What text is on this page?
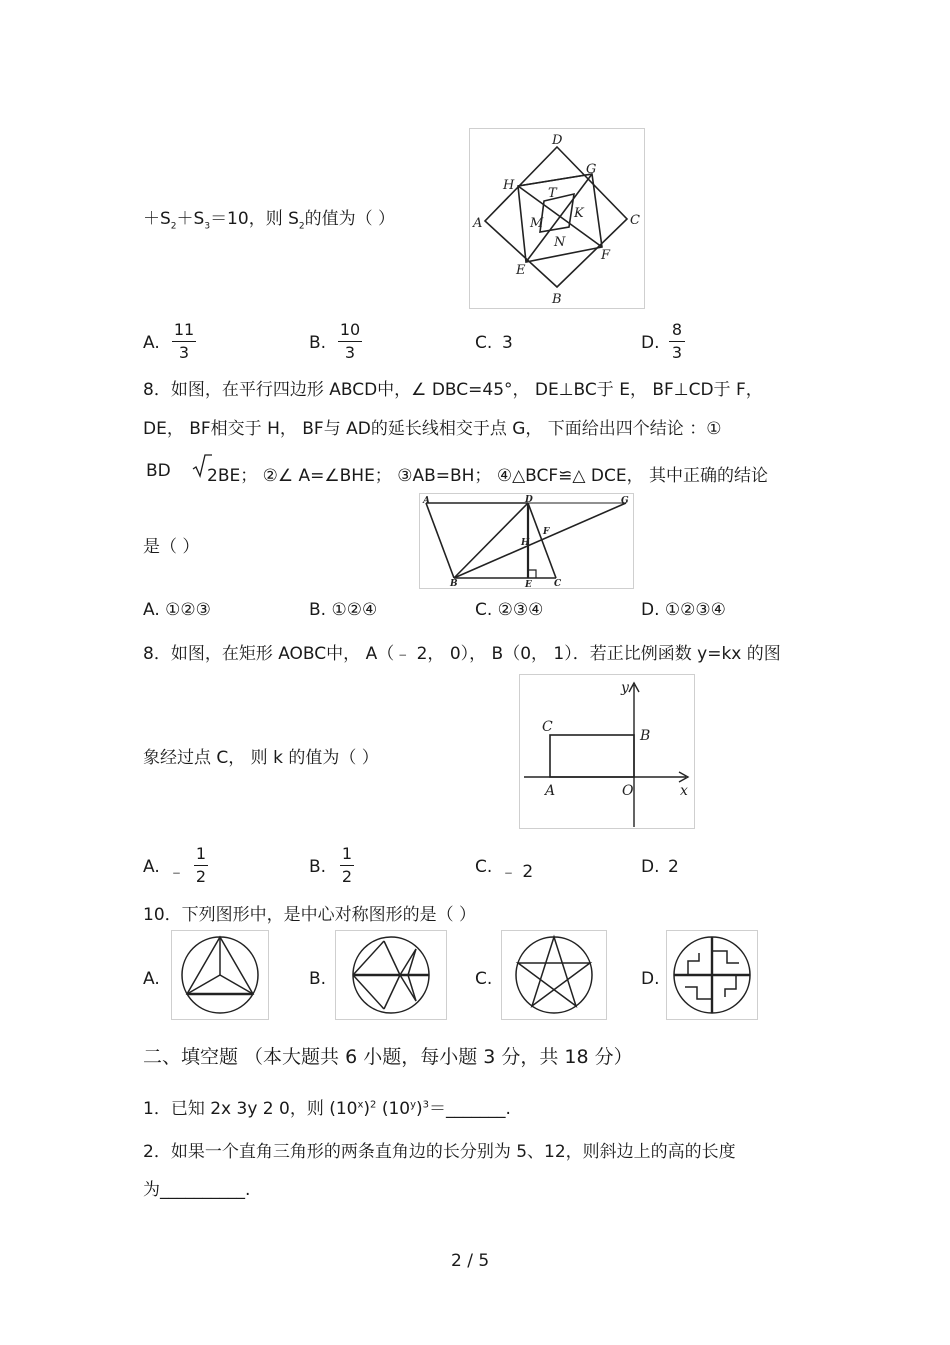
$+S_2+S_3=10$，则 $S_2$的值为（ ）
D
G
H
T
A
K	C
M
N
E
F
B
A.
11
3	B.
10
3	C. 3	D.
8
3
8．如图，在平行四边形 ABCD中，∠ DBC=45°， DE⊥BC于 E， BF⊥CD于 F，
DE， BF相交于 H， BF与 AD的延长线相交于点 G， 下面给出四个结论 ：①
BD 2BE； ②∠ A=∠BHE； ③AB=BH； ④△BCF≌△ DCE， 其中正确的结论
A	D	G
F
H
B	E C
是（ ）
A. ①②③	B. ①②④	C. ②③④	D. ①②③④
8．如图，在矩形 AOBC中， A（﹣ 2， 0）， B（0， 1）．若正比例函数 y=kx 的图
y
C
B
A	O	x
象经过点 C， 则 k 的值为（ ）
A. ﹣
1
2	B.
1
2	C. ﹣ 2	D. 2
10．下列图形中，是中心对称图形的是（ ）
A.	B.	C.	D.
二、填空题 （本大题共 6 小题，每小题 3 分，共 18 分）
1．已知 2x 3y 2 0，则 $(10^x)^2$ $(10^y)^3=\_\_\_\_\_\_\_$.
2．如果一个直角三角形的两条直角边的长分别为 5、12，则斜边上的高的长度
为__________.
2 / 5
